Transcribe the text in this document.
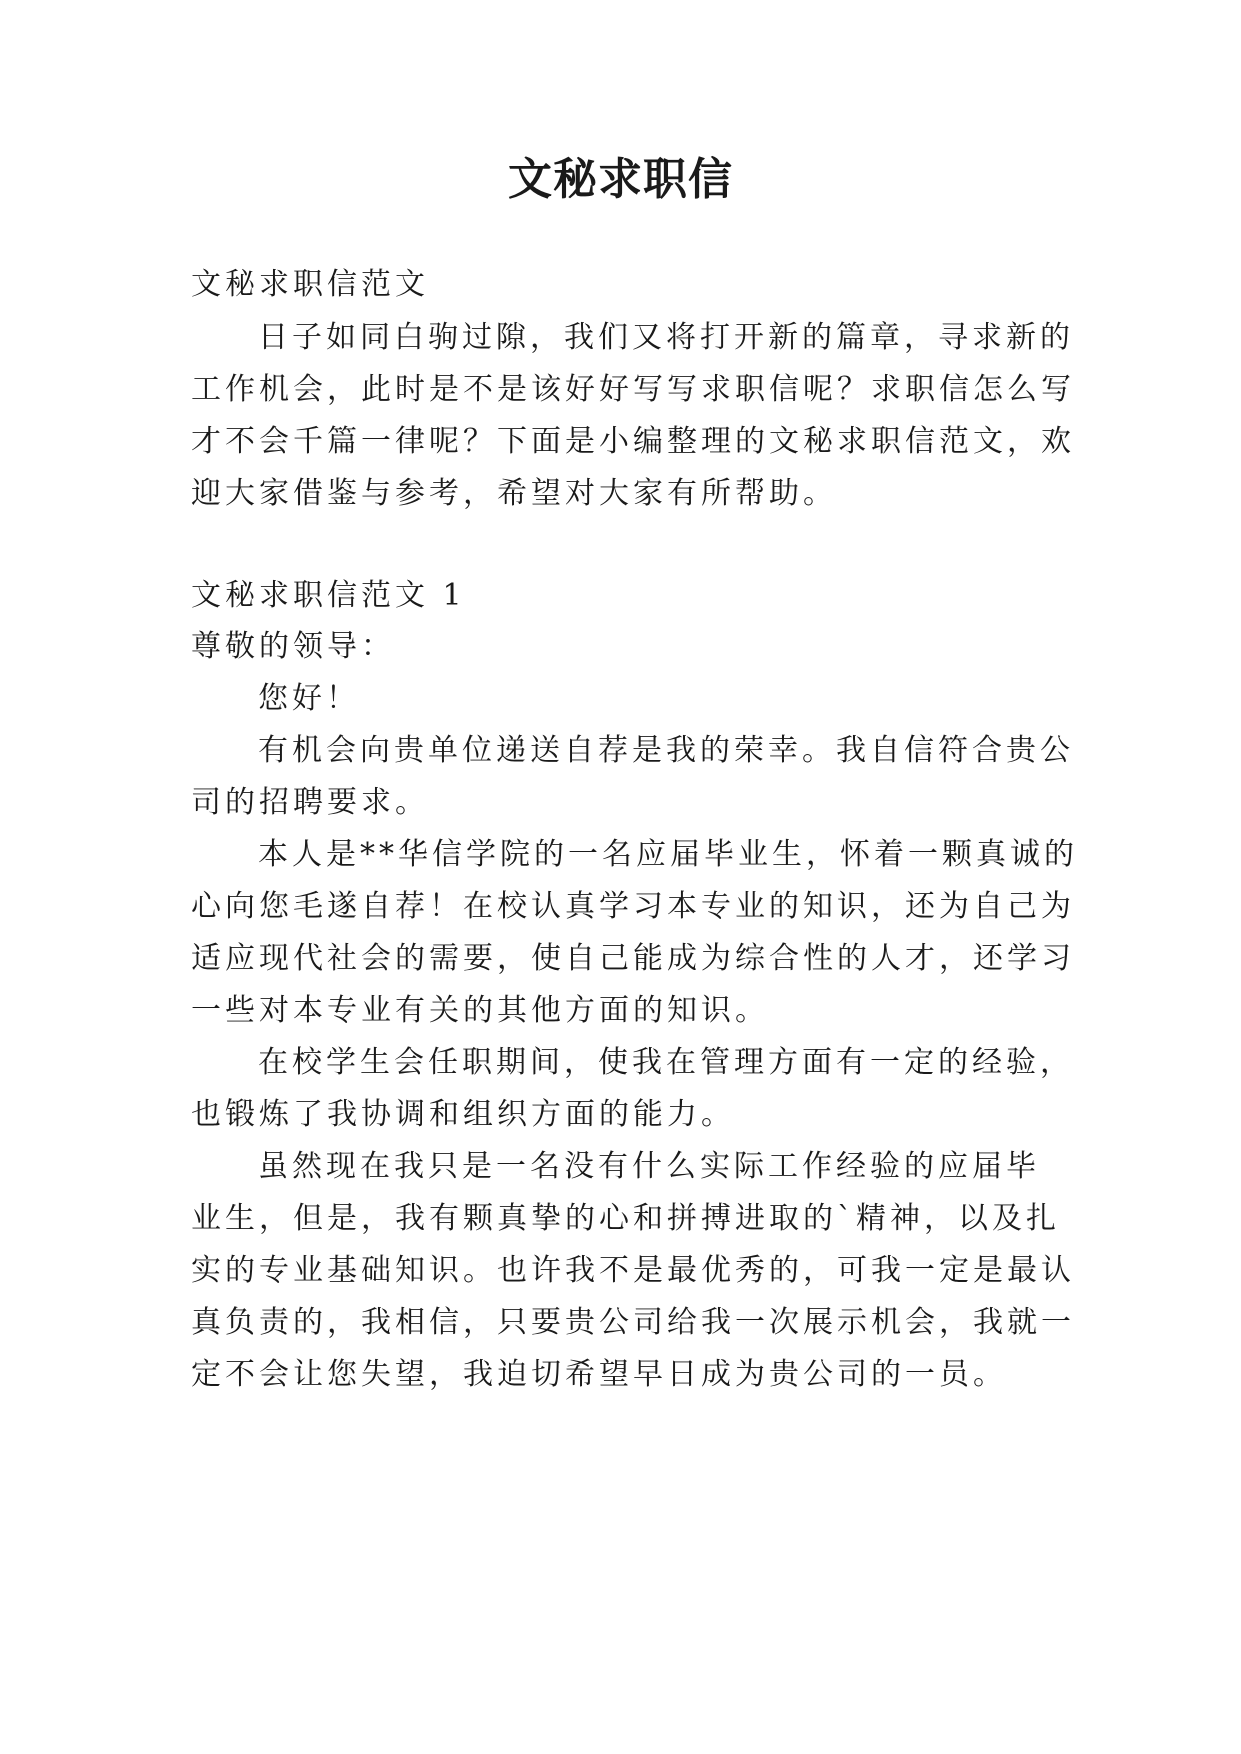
文秘求职信
文秘求职信范文
日子如同白驹过隙，我们又将打开新的篇章，寻求新的
工作机会，此时是不是该好好写写求职信呢？求职信怎么写
才不会千篇一律呢？下面是小编整理的文秘求职信范文，欢
迎大家借鉴与参考，希望对大家有所帮助。
文秘求职信范文 1
尊敬的领导：
您好！
有机会向贵单位递送自荐是我的荣幸。我自信符合贵公
司的招聘要求。
本人是**华信学院的一名应届毕业生，怀着一颗真诚的
心向您毛遂自荐！在校认真学习本专业的知识，还为自己为
适应现代社会的需要，使自己能成为综合性的人才，还学习
一些对本专业有关的其他方面的知识。
在校学生会任职期间，使我在管理方面有一定的经验，
也锻炼了我协调和组织方面的能力。
虽然现在我只是一名没有什么实际工作经验的应届毕
业生，但是，我有颗真挚的心和拼搏进取的`精神，以及扎
实的专业基础知识。也许我不是最优秀的，可我一定是最认
真负责的，我相信，只要贵公司给我一次展示机会，我就一
定不会让您失望，我迫切希望早日成为贵公司的一员。
